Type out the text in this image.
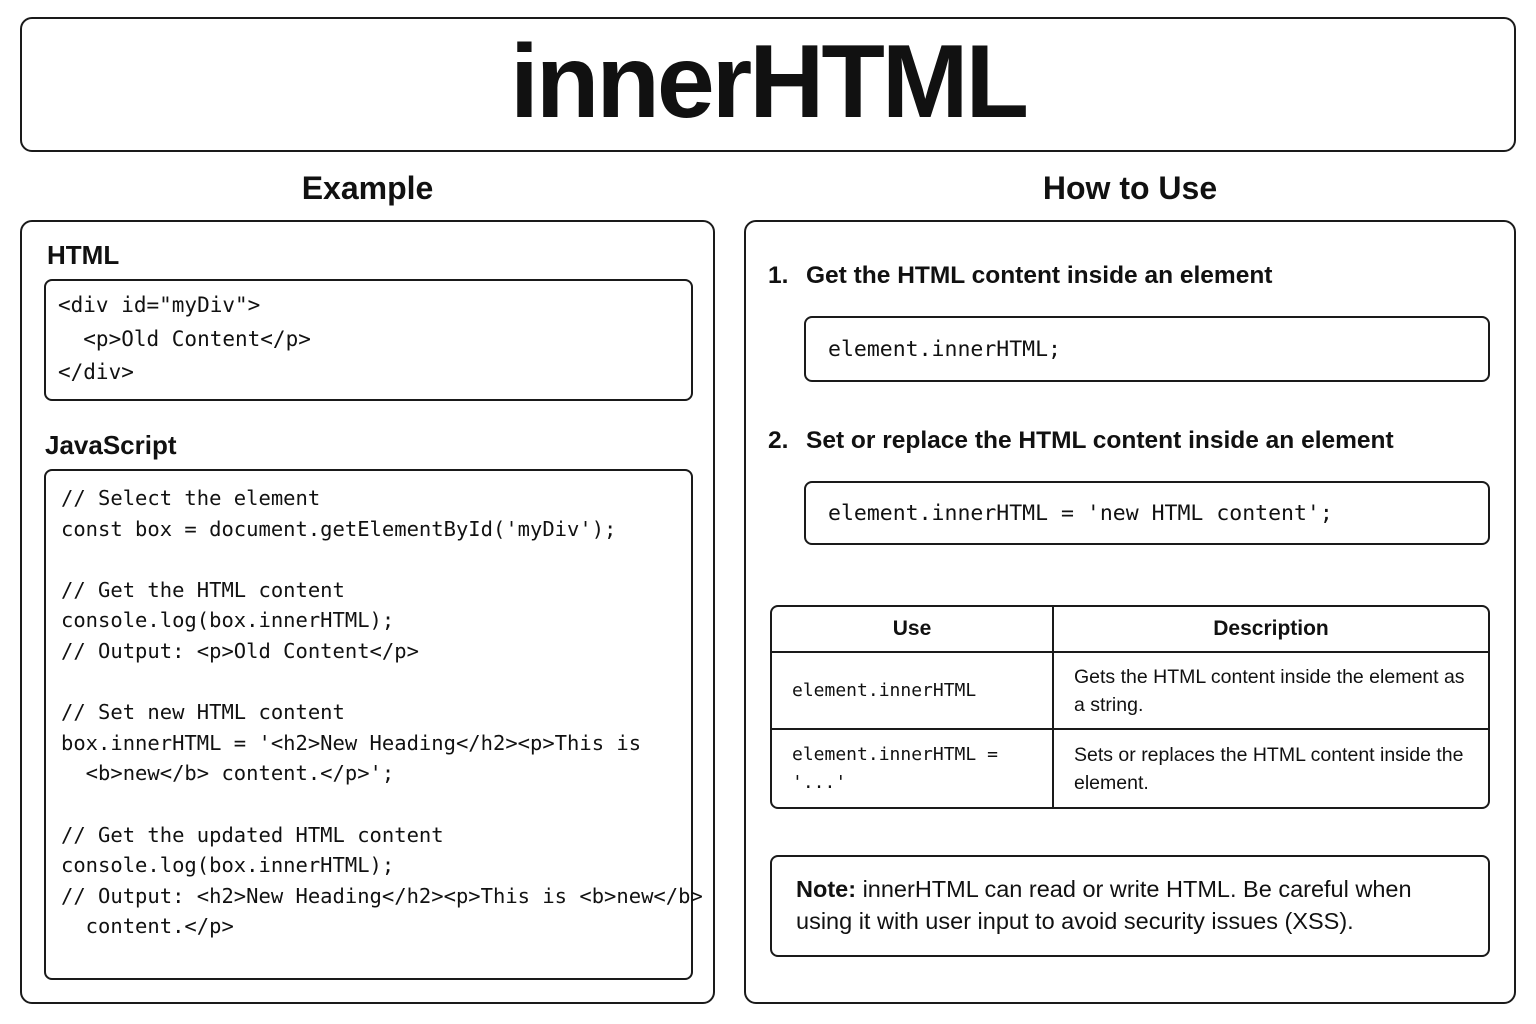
innerHTML
Example	How to Use
HTML
<div id="myDiv">
<p>Old Content</p>
</div>
JavaScript
// Select the element
const box = document.getElementById('myDiv');

// Get the HTML content
console.log(box.innerHTML);
// Output: <p>Old Content</p>

// Set new HTML content
box.innerHTML = '<h2>New Heading</h2><p>This is
<b>new</b> content.</p>';

// Get the updated HTML content
console.log(box.innerHTML);
// Output: <h2>New Heading</h2><p>This is <b>new</b>
content.</p>
1. Get the HTML content inside an element
element.innerHTML;
2. Set or replace the HTML content inside an element
element.innerHTML = 'new HTML content';
Use	Description
element.innerHTML	Gets the HTML content inside the element as a string.
element.innerHTML = '...'	Sets or replaces the HTML content inside the element.
Note: innerHTML can read or write HTML. Be careful when using it with user input to avoid security issues (XSS).
